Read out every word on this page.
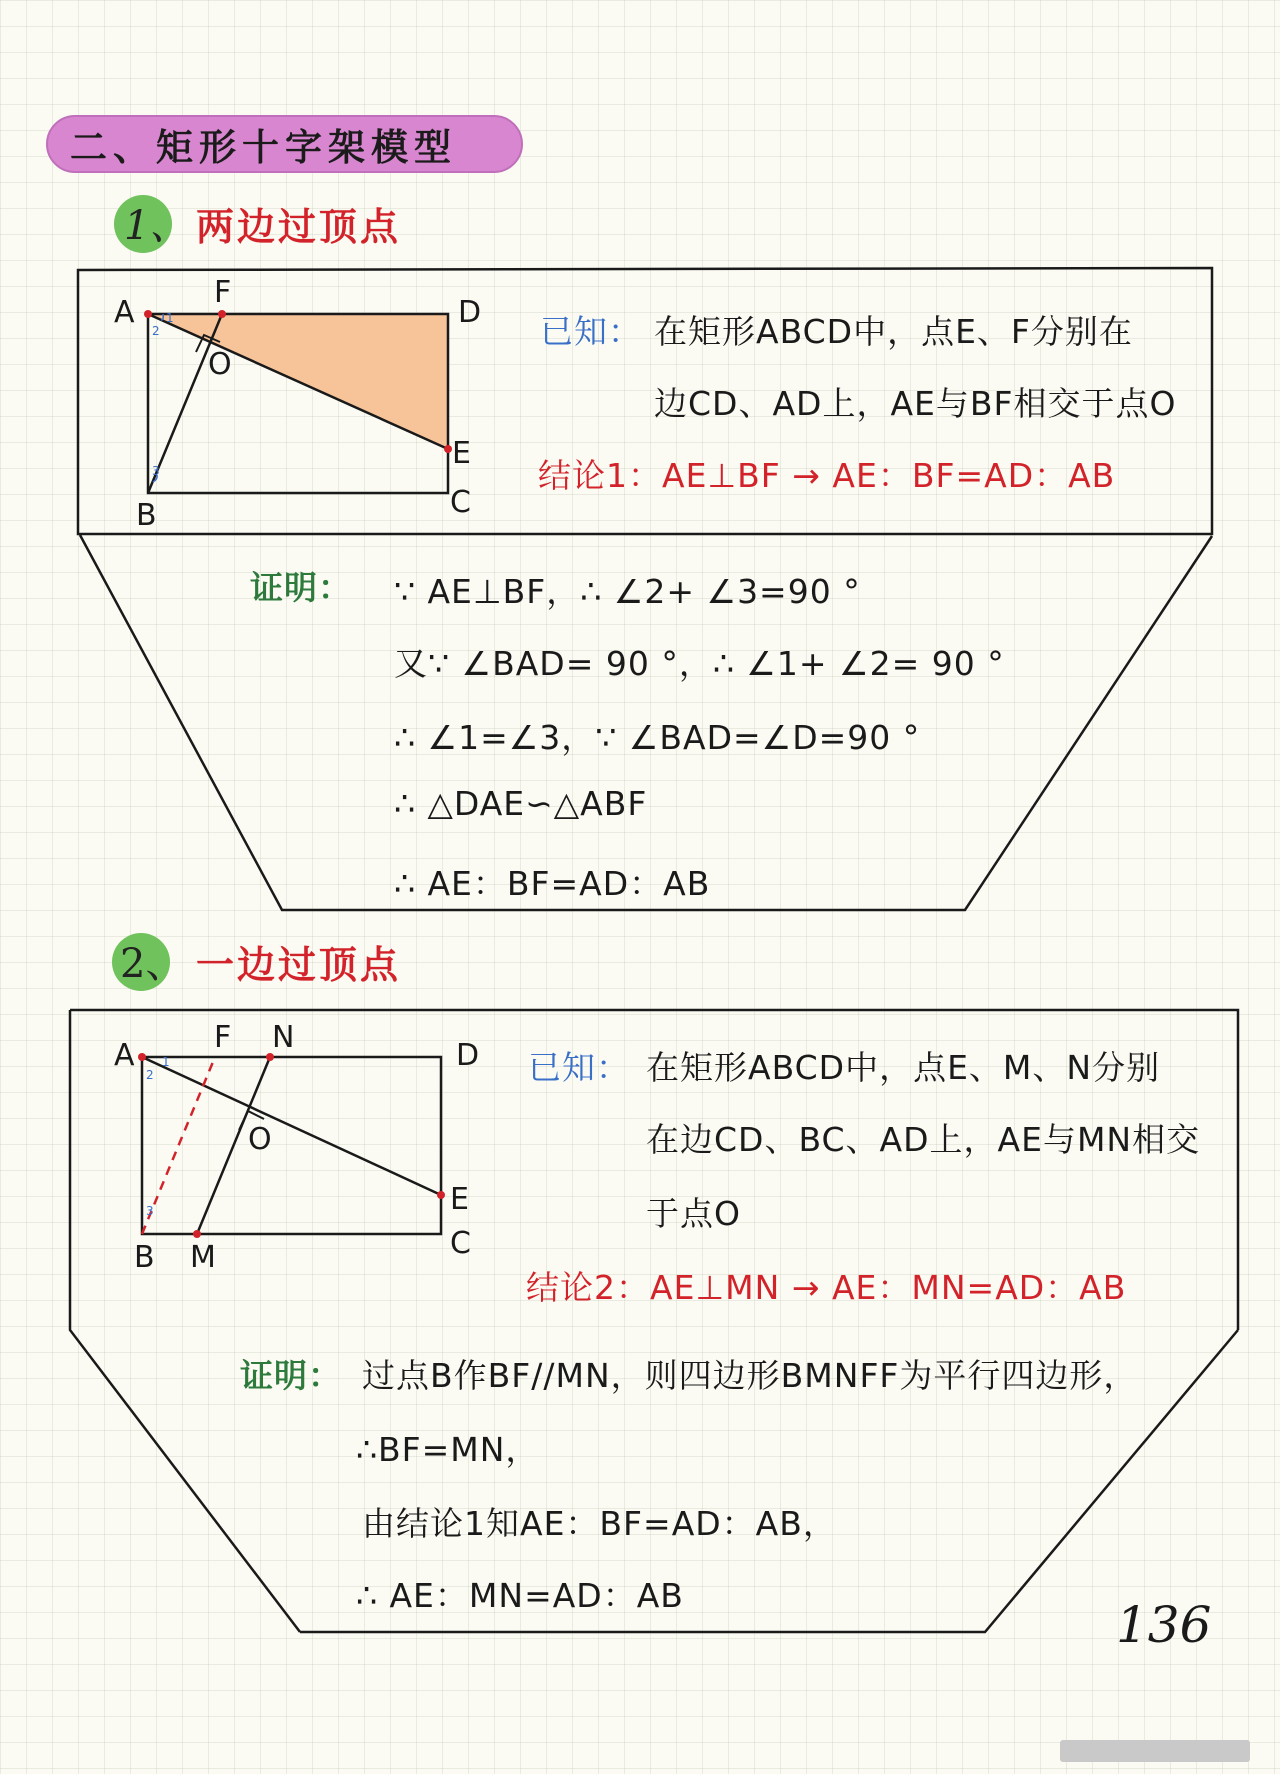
二、矩形十字架模型
1、 两边过顶点
A
F
D
O
E
B	C
1
2
3
已知： 在矩形ABCD中，点E、F分别在
边CD、AD上，AE与BF相交于点O
结论1：AE⊥BF → AE：BF=AD：AB
证明： ∵ AE⊥BF，∴ ∠2+ ∠3=90 °
又∵ ∠BAD= 90 °，∴ ∠1+ ∠2= 90 °
∴ ∠1=∠3，∵ ∠BAD=∠D=90 °
∴ △DAE∽△ABF
∴ AE：BF=AD：AB
2、 一边过顶点
A
F N
D
O
E
B M	C
1
2
3
已知： 在矩形ABCD中，点E、M、N分别
在边CD、BC、AD上，AE与MN相交
于点O
结论2：AE⊥MN → AE：MN=AD：AB
证明： 过点B作BF//MN，则四边形BMNFF为平行四边形，
∴BF=MN，
由结论1知AE：BF=AD：AB，
∴ AE：MN=AD：AB
136
